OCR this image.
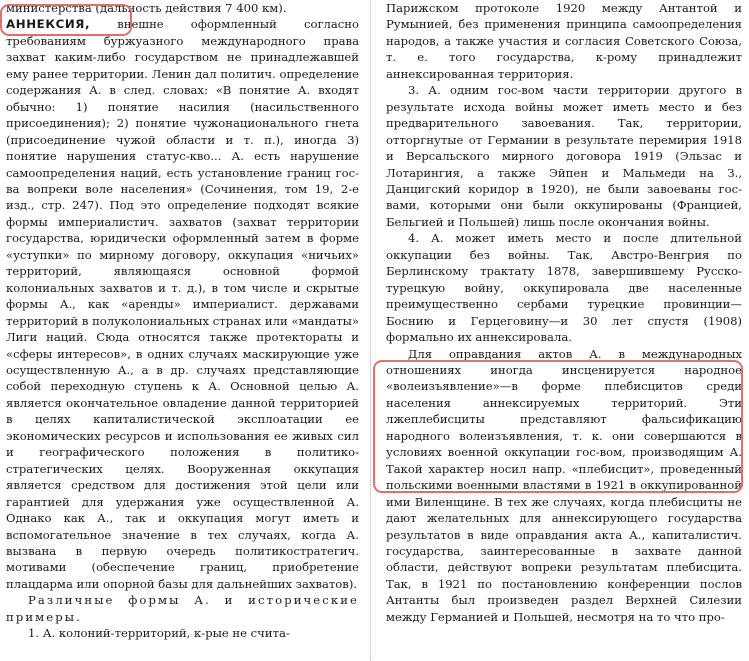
министерства (дальность действия 7 400 км).

АННЕКСИЯ, внешне оформленный согласно требованиям буржуазного международного права захват каким-либо государством не принадлежавшей ему ранее территории. Ленин дал политич. определение содержания А. в след. словах: «В понятие А. входят обычно: 1) понятие насилия (насильственного присоединения); 2) понятие чужонационального гнета (присоединение чужой области и т. п.), иногда 3) понятие нарушения статус-кво... А. есть нарушение самоопределения наций, есть установление границ гос-ва вопреки воле населения» (Сочинения, том 19, 2-е изд., стр. 247). Под это определение подходят всякие формы империалистич. захватов (захват территории государства, юридически оформленный затем в форме «уступки» по мирному договору, оккупация «ничьих» территорий, являющаяся основной формой колониальных захватов и т. д.), в том числе и скрытые формы А., как «аренды» империалист. державами территорий в полуколониальных странах или «мандаты» Лиги наций. Сюда относятся также протектораты и «сферы интересов», в одних случаях маскирующие уже осуществленную А., а в др. случаях представляющие собой переходную ступень к А. Основной целью А. является окончательное овладение данной территорией в целях капиталистической эксплоатации ее экономических ресурсов и использования ее живых сил и географического положения в политико-стратегических целях. Вооруженная оккупация является средством для достижения этой цели или гарантией для удержания уже осуществленной А. Однако как А., так и оккупация могут иметь и вспомогательное значение в тех случаях, когда А. вызвана в первую очередь политикостратегич. мотивами (обеспечение границ, приобретение плацдарма или опорной базы для дальнейших захватов).

Различные формы А. и исторические примеры.

1. А. колоний-территорий, к-рые не счита-

Парижском протоколе 1920 между Антантой и Румынией, без применения принципа самоопределения народов, а также участия и согласия Советского Союза, т. е. того государства, к-рому принадлежит аннексированная территория.

3. А. одним гос-вом части территории другого в результате исхода войны может иметь место и без предварительного завоевания. Так, территории, отторгнутые от Германии в результате перемирия 1918 и Версальского мирного договора 1919 (Эльзас и Лотарингия, а также Эйпен и Мальмеди на З., Данцигский коридор в 1920), не были завоеваны гос-вами, которыми они были оккупированы (Францией, Бельгией и Польшей) лишь после окончания войны.

4. А. может иметь место и после длительной оккупации без войны. Так, Австро-Венгрия по Берлинскому трактату 1878, завершившему Русско-турецкую войну, оккупировала две населенные преимущественно сербами турецкие провинции—Боснию и Герцеговину—и 30 лет спустя (1908) формально их аннексировала.

Для оправдания актов А. в международных отношениях иногда инсценируется народное «волеизъявление»—в форме плебисцитов среди населения аннексируемых территорий. Эти лжеплебисциты представляют фальсификацию народного волеизъявления, т. к. они совершаются в условиях военной оккупации гос-вом, производящим А. Такой характер носил напр. «плебисцит», проведенный польскими военными властями в 1921 в оккупированной ими Виленщине. В тех же случаях, когда плебисциты не дают желательных для аннексирующего государства результатов в виде оправдания акта А., капиталистич. государства, заинтересованные в захвате данной области, действуют вопреки результатам плебисцита. Так, в 1921 по постановлению конференции послов Антанты был произведен раздел Верхней Силезии между Германией и Польшей, несмотря на то что про-
